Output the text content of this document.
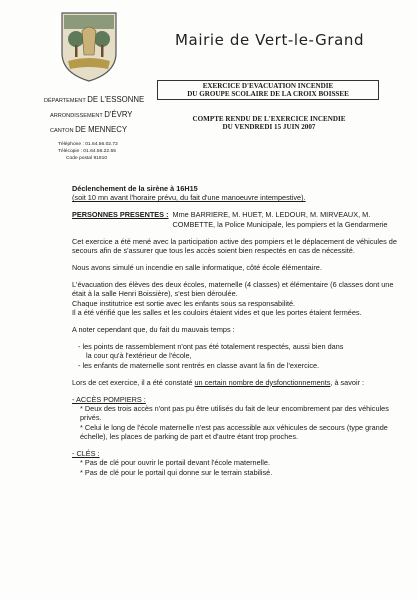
Mairie de Vert-le-Grand
DÉPARTEMENT DE L'ESSONNE
ARRONDISSEMENT D'ÉVRY
CANTON DE MENNECY
Téléphone : 01.64.56.02.72
Télécopie : 01.64.56.22.55
Code postal 91810
EXERCICE D'EVACUATION INCENDIE
DU GROUPE SCOLAIRE DE LA CROIX BOISSEE
COMPTE RENDU DE L'EXERCICE INCENDIE
DU VENDREDI 15 JUIN 2007

Déclenchement de la sirène à 16H15

(soit 10 mn avant l'horaire prévu, du fait d'une manoeuvre intempestive).

PERSONNES PRESENTES : Mme BARRIERE, M. HUET, M. LEDOUR, M. MIRVEAUX, M. COMBETTE, la Police Municipale, les pompiers et la Gendarmerie

Cet exercice a été mené avec la participation active des pompiers et le déplacement de véhicules de secours afin de s'assurer que tous les accès soient bien respectés en cas de nécessité.

Nous avons simulé un incendie en salle informatique, côté école élémentaire.

L'évacuation des élèves des deux écoles, maternelle (4 classes) et élémentaire (6 classes dont une était à la salle Henri Boissière), s'est bien déroulée.

Chaque institutrice est sortie avec les enfants sous sa responsabilité.

Il a été vérifié que les salles et les couloirs étaient vides et que les portes étaient fermées.

A noter cependant que, du fait du mauvais temps :

- les points de rassemblement n'ont pas été totalement respectés, aussi bien dans

la cour qu'à l'extérieur de l'école,

- les enfants de maternelle sont rentrés en classe avant la fin de l'exercice.

Lors de cet exercice, il a été constaté un certain nombre de dysfonctionnements, à savoir :

- ACCÈS POMPIERS :

* Deux des trois accès n'ont pas pu être utilisés du fait de leur encombrement par des véhicules privés.

* Celui le long de l'école maternelle n'est pas accessible aux véhicules de secours (type grande échelle), les places de parking de part et d'autre étant trop proches.

- CLÉS :

* Pas de clé pour ouvrir le portail devant l'école maternelle.

* Pas de clé pour le portail qui donne sur le terrain stabilisé.
